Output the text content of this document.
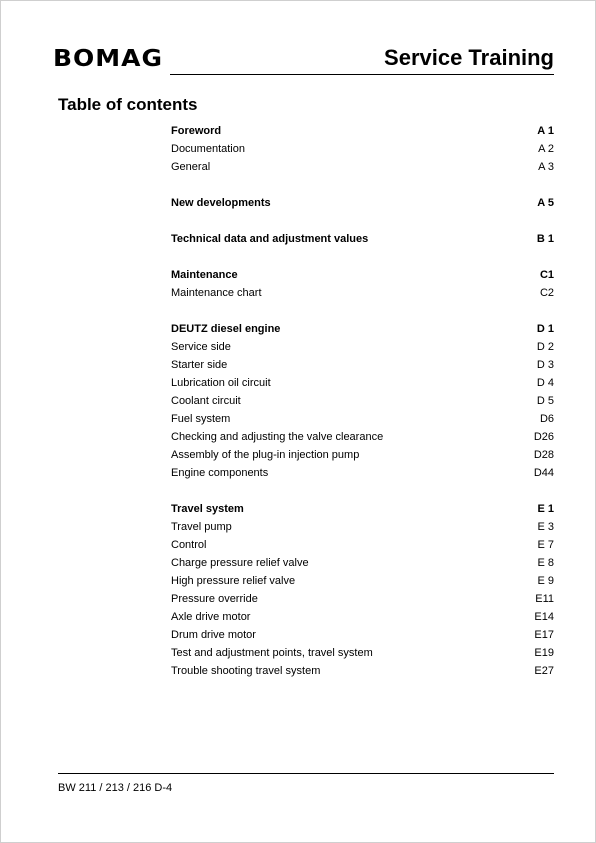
BOMAG	Service Training
Table of contents
Foreword	A 1
Documentation	A 2
General	A 3
New developments	A 5
Technical data and adjustment values	B 1
Maintenance	C1
Maintenance chart	C2
DEUTZ diesel engine	D 1
Service side	D 2
Starter side	D 3
Lubrication oil circuit	D 4
Coolant circuit	D 5
Fuel system	D6
Checking and adjusting the valve clearance	D26
Assembly of the plug-in injection pump	D28
Engine components	D44
Travel system	E 1
Travel pump	E 3
Control	E 7
Charge pressure relief valve	E 8
High pressure relief valve	E 9
Pressure override	E11
Axle drive motor	E14
Drum drive motor	E17
Test and adjustment points, travel system	E19
Trouble shooting travel system	E27
BW 211 / 213 / 216 D-4
